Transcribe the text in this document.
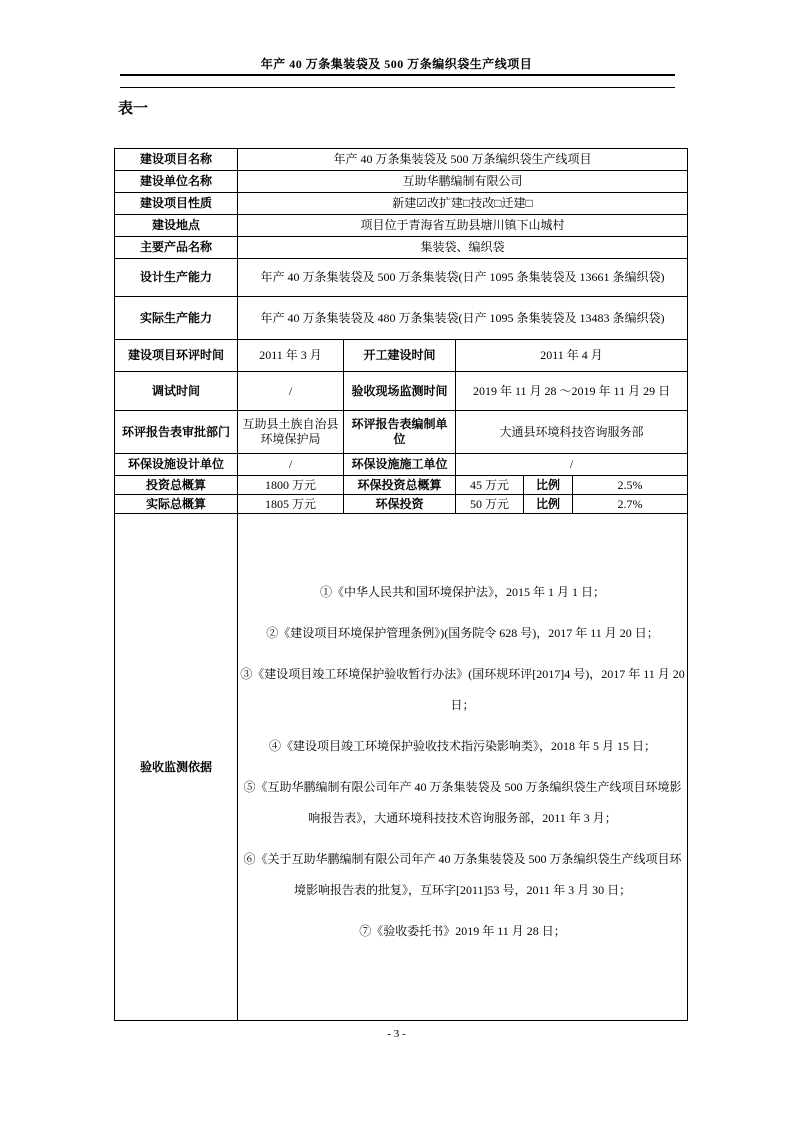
年产 40 万条集装袋及 500 万条编织袋生产线项目
表一
建设项目名称	年产 40 万条集装袋及 500 万条编织袋生产线项目				
建设单位名称	互助华鹏编制有限公司				
建设项目性质	新建☑改扩建□技改□迁建□				
建设地点	项目位于青海省互助县塘川镇下山城村				
主要产品名称	集装袋、编织袋				
设计生产能力	年产 40 万条集装袋及 500 万条集装袋(日产 1095 条集装袋及 13661 条编织袋)				
实际生产能力	年产 40 万条集装袋及 480 万条集装袋(日产 1095 条集装袋及 13483 条编织袋)				
建设项目环评时间	2011 年 3 月	开工建设时间	2011 年 4 月		
调试时间	/	验收现场监测时间	2019 年 11 月 28 ～2019 年 11 月 29 日		
环评报告表审批部门	互助县土族自治县环境保护局	环评报告表编制单位	大通县环境科技咨询服务部		
环保设施设计单位	/	环保设施施工单位	/		
投资总概算	1800 万元	环保投资总概算	45 万元	比例	2.5%
实际总概算	1805 万元	环保投资	50 万元	比例	2.7%
验收监测依据	

①《中华人民共和国环境保护法》，2015 年 1 月 1 日；

②《建设项目环境保护管理条例》)(国务院令 628 号)，2017 年 11 月 20 日；

③《建设项目竣工环境保护验收暂行办法》(国环规环评[2017]4 号)，2017 年 11 月 20 日；

④《建设项目竣工环境保护验收技术指污染影响类》，2018 年 5 月 15 日；

⑤《互助华鹏编制有限公司年产 40 万条集装袋及 500 万条编织袋生产线项目环境影响报告表》，大通环境科技技术咨询服务部，2011 年 3 月；

⑥《关于互助华鹏编制有限公司年产 40 万条集装袋及 500 万条编织袋生产线项目环境影响报告表的批复》，互环字[2011]53 号，2011 年 3 月 30 日；

⑦《验收委托书》2019 年 11 月 28 日；

- 3 -
